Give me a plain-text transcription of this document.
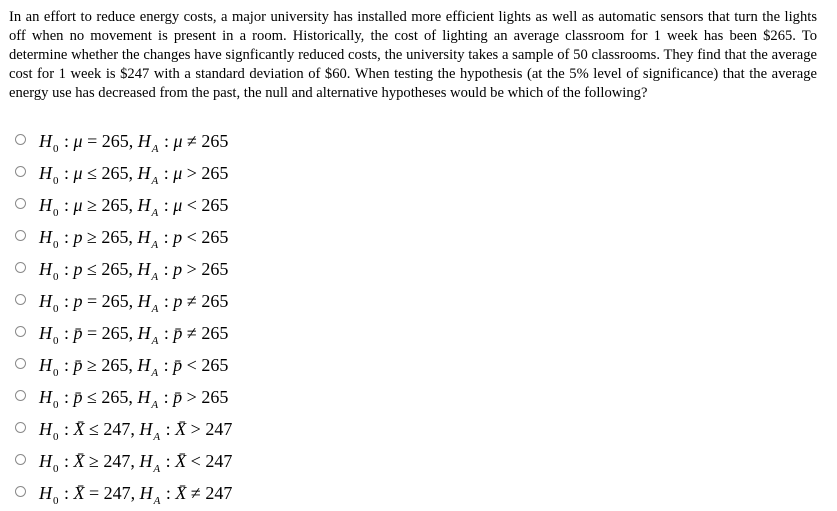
In an effort to reduce energy costs, a major university has installed more efficient lights as well as automatic sensors that turn the lights off when no movement is present in a room. Historically, the cost of lighting an average classroom for 1 week has been $265. To determine whether the changes have signficantly reduced costs, the university takes a sample of 50 classrooms. They find that the average cost for 1 week is $247 with a standard deviation of $60. When testing the hypothesis (at the 5% level of significance) that the average energy use has decreased from the past, the null and alternative hypotheses would be which of the following?
$H_0$ : μ = 265, $H_A$ : μ ≠ 265
$H_0$ : μ ≤ 265, $H_A$ : μ > 265
$H_0$ : μ ≥ 265, $H_A$ : μ < 265
$H_0$ : p ≥ 265, $H_A$ : p < 265
$H_0$ : p ≤ 265, $H_A$ : p > 265
$H_0$ : p = 265, $H_A$ : p ≠ 265
$H_0$ : p̄ = 265, $H_A$ : p̄ ≠ 265
$H_0$ : p̄ ≥ 265, $H_A$ : p̄ < 265
$H_0$ : p̄ ≤ 265, $H_A$ : p̄ > 265
$H_0$ : X̄ ≤ 247, $H_A$ : X̄ > 247
$H_0$ : X̄ ≥ 247, $H_A$ : X̄ < 247
$H_0$ : X̄ = 247, $H_A$ : X̄ ≠ 247
